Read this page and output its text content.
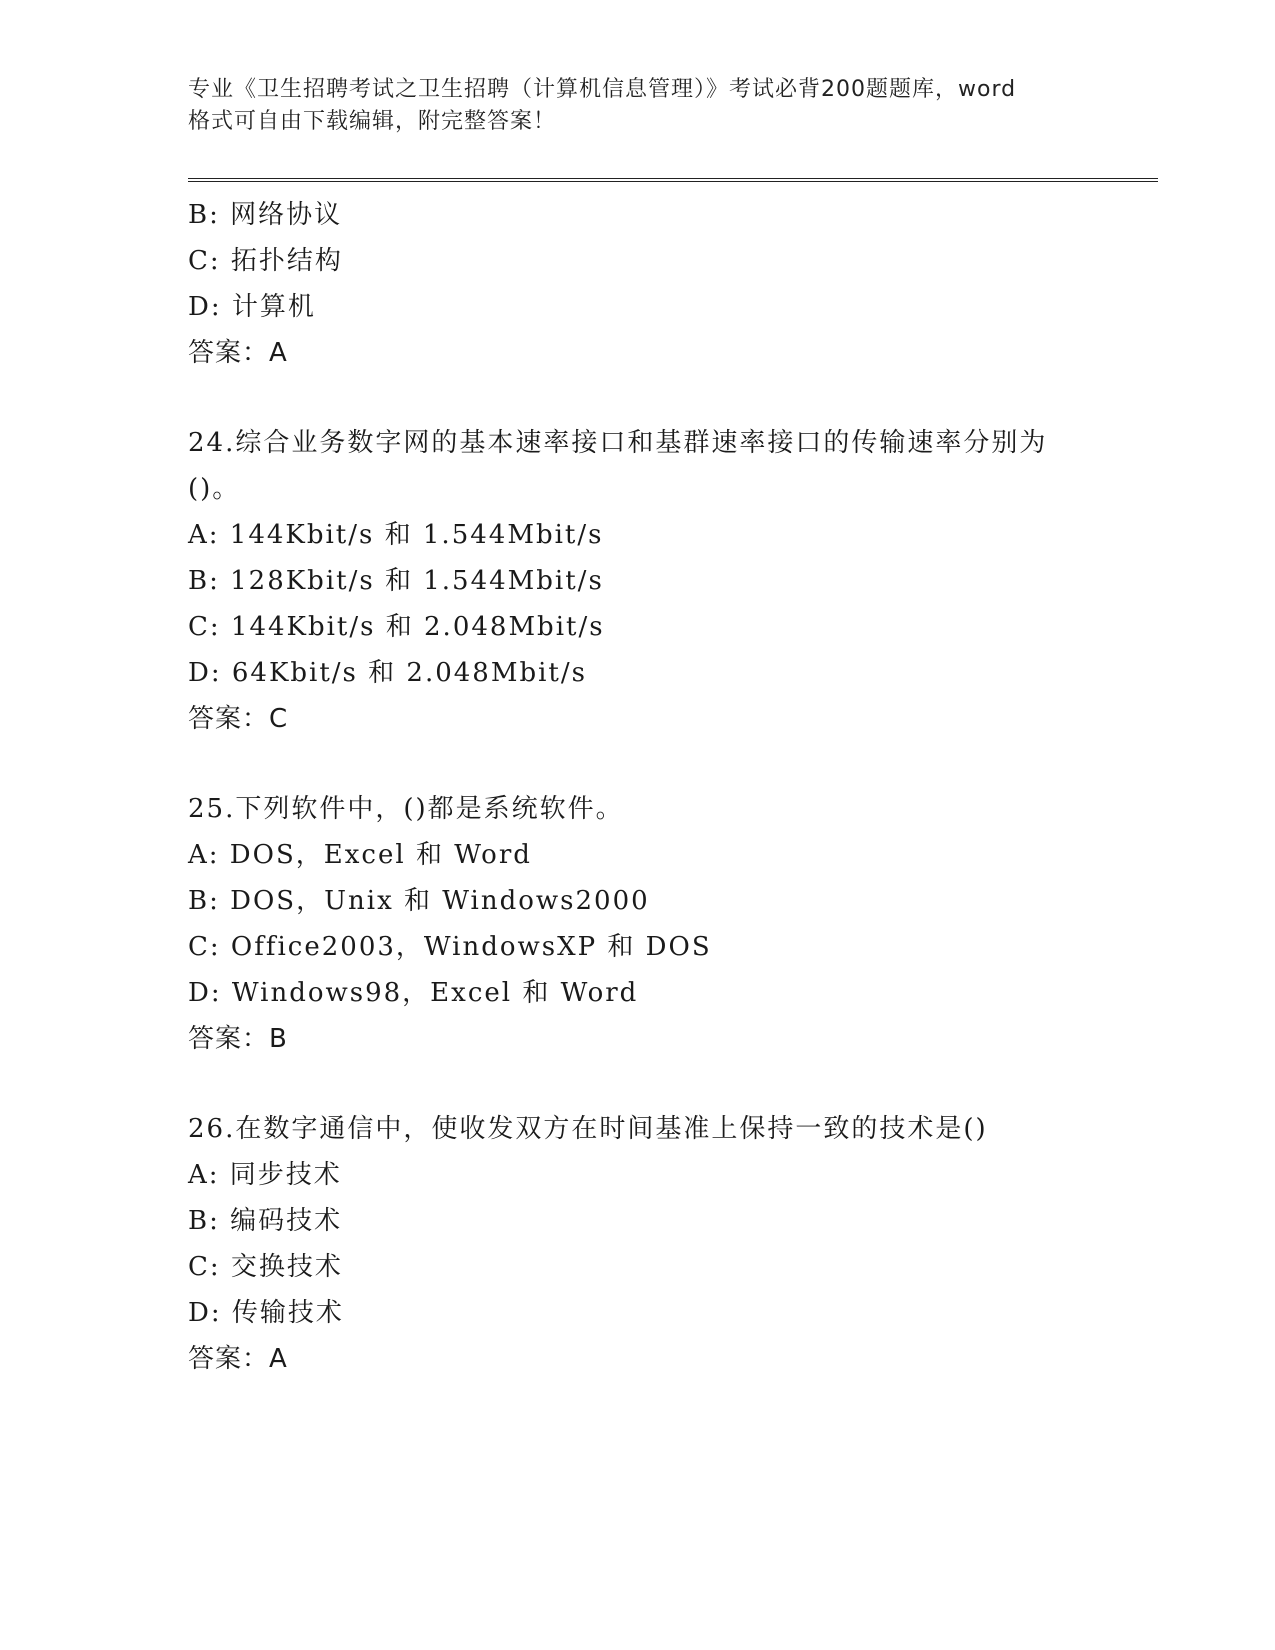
专业《卫生招聘考试之卫生招聘（计算机信息管理）》考试必背200题题库，word
格式可自由下载编辑，附完整答案！
B: 网络协议
C: 拓扑结构
D: 计算机
答案：A
24.综合业务数字网的基本速率接口和基群速率接口的传输速率分别为
()。
A: 144Kbit/s 和 1.544Mbit/s
B: 128Kbit/s 和 1.544Mbit/s
C: 144Kbit/s 和 2.048Mbit/s
D: 64Kbit/s 和 2.048Mbit/s
答案：C
25.下列软件中，()都是系统软件。
A: DOS，Excel 和 Word
B: DOS，Unix 和 Windows2000
C: Office2003，WindowsXP 和 DOS
D: Windows98，Excel 和 Word
答案：B
26.在数字通信中，使收发双方在时间基准上保持一致的技术是()
A: 同步技术
B: 编码技术
C: 交换技术
D: 传输技术
答案：A
